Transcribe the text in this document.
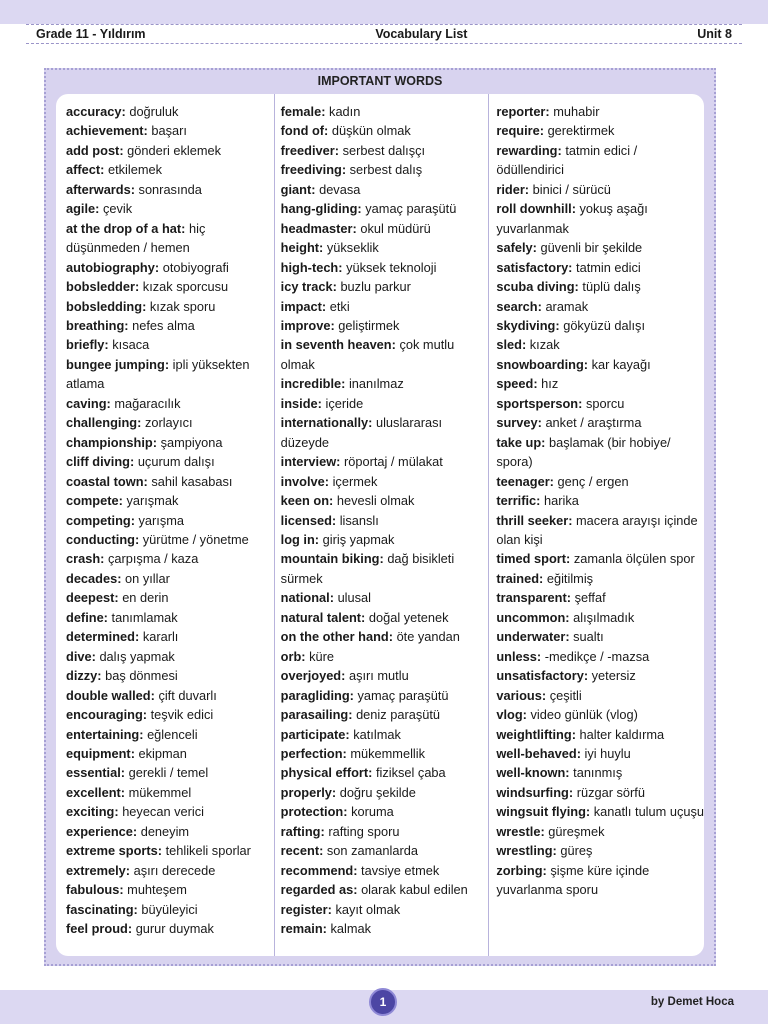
Grade 11 - Yıldırım	Vocabulary List	Unit 8
IMPORTANT WORDS
accuracy: doğruluk
achievement: başarı
add post: gönderi eklemek
affect: etkilemek
afterwards: sonrasında
agile: çevik
at the drop of a hat: hiç düşünmeden / hemen
autobiography: otobiyografi
bobsledder: kızak sporcusu
bobsledding: kızak sporu
breathing: nefes alma
briefly: kısaca
bungee jumping: ipli yüksekten atlama
caving: mağaracılık
challenging: zorlayıcı
championship: şampiyona
cliff diving: uçurum dalışı
coastal town: sahil kasabası
compete: yarışmak
competing: yarışma
conducting: yürütme / yönetme
crash: çarpışma / kaza
decades: on yıllar
deepest: en derin
define: tanımlamak
determined: kararlı
dive: dalış yapmak
dizzy: baş dönmesi
double walled: çift duvarlı
encouraging: teşvik edici
entertaining: eğlenceli
equipment: ekipman
essential: gerekli / temel
excellent: mükemmel
exciting: heyecan verici
experience: deneyim
extreme sports: tehlikeli sporlar
extremely: aşırı derecede
fabulous: muhteşem
fascinating: büyüleyici
feel proud: gurur duymak
female: kadın
fond of: düşkün olmak
freediver: serbest dalışçı
freediving: serbest dalış
giant: devasa
hang-gliding: yamaç paraşütü
headmaster: okul müdürü
height: yükseklik
high-tech: yüksek teknoloji
icy track: buzlu parkur
impact: etki
improve: geliştirmek
in seventh heaven: çok mutlu olmak
incredible: inanılmaz
inside: içeride
internationally: uluslararası düzeyde
interview: röportaj / mülakat
involve: içermek
keen on: hevesli olmak
licensed: lisanslı
log in: giriş yapmak
mountain biking: dağ bisikleti sürmek
national: ulusal
natural talent: doğal yetenek
on the other hand: öte yandan
orb: küre
overjoyed: aşırı mutlu
paragliding: yamaç paraşütü
parasailing: deniz paraşütü
participate: katılmak
perfection: mükemmellik
physical effort: fiziksel çaba
properly: doğru şekilde
protection: koruma
rafting: rafting sporu
recent: son zamanlarda
recommend: tavsiye etmek
regarded as: olarak kabul edilen
register: kayıt olmak
remain: kalmak
reporter: muhabir
require: gerektirmek
rewarding: tatmin edici / ödüllendirici
rider: binici / sürücü
roll downhill: yokuş aşağı yuvarlanmak
safely: güvenli bir şekilde
satisfactory: tatmin edici
scuba diving: tüplü dalış
search: aramak
skydiving: gökyüzü dalışı
sled: kızak
snowboarding: kar kayağı
speed: hız
sportsperson: sporcu
survey: anket / araştırma
take up: başlamak (bir hobiye/ spora)
teenager: genç / ergen
terrific: harika
thrill seeker: macera arayışı içinde olan kişi
timed sport: zamanla ölçülen spor
trained: eğitilmiş
transparent: şeffaf
uncommon: alışılmadık
underwater: sualtı
unless: -medikçe / -mazsa
unsatisfactory: yetersiz
various: çeşitli
vlog: video günlük (vlog)
weightlifting: halter kaldırma
well-behaved: iyi huylu
well-known: tanınmış
windsurfing: rüzgar sörfü
wingsuit flying: kanatlı tulum uçuşu
wrestle: güreşmek
wrestling: güreş
zorbing: şişme küre içinde yuvarlanma sporu
1	by Demet Hoca
